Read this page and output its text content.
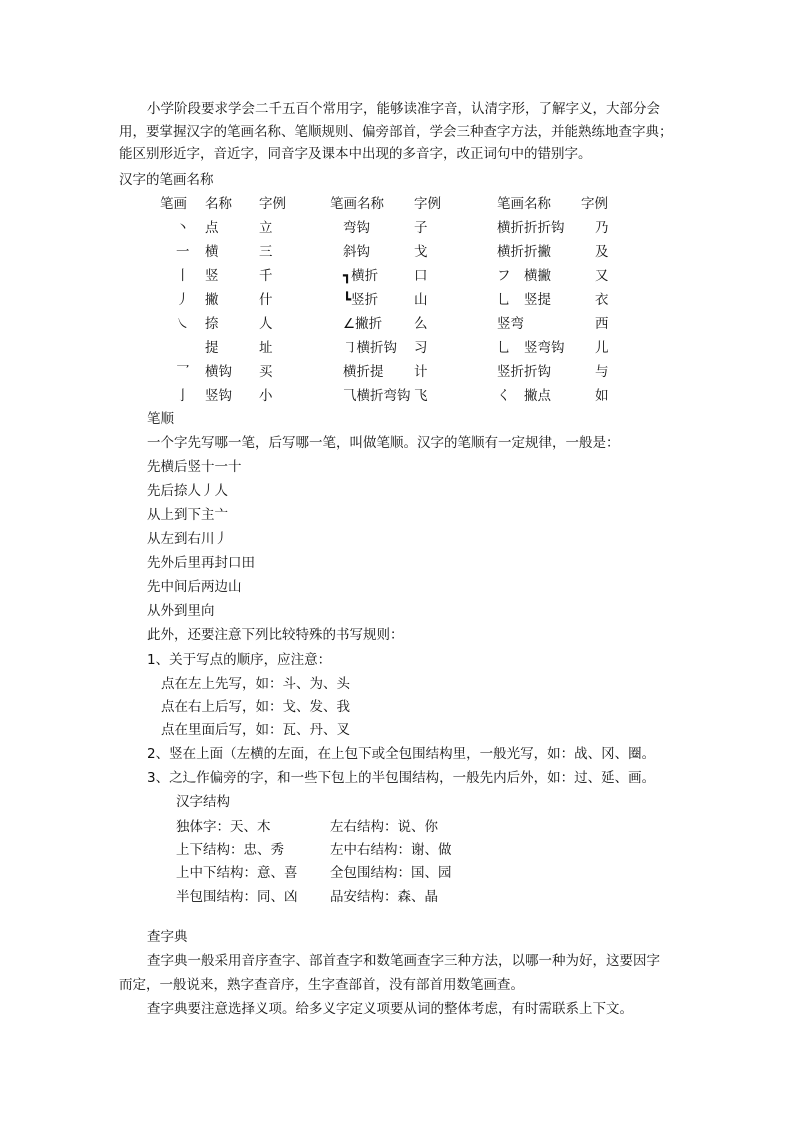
小学阶段要求学会二千五百个常用字，能够读准字音，认清字形，了解字义，大部分会
用，要掌握汉字的笔画名称、笔顺规则、偏旁部首，学会三种查字方法，并能熟练地查字典；
能区别形近字，音近字，同音字及课本中出现的多音字，改正词句中的错别字。
汉字的笔画名称
笔画 名称 字例	笔画名称 字例	笔画名称 字例
丶 点	立	弯钩	子	横折折折钩 乃
一 横	三	斜钩	戈	横折折撇	及
丨 竖	千	┓横折	口	フ　横撇	又
丿 撇	什	┗竖折	山	乚　竖提	衣
㇏ 捺	人	∠撇折 么	竖弯	西
提	址	㇆横折钩 习	乚　竖弯钩 儿
乛 横钩 买	横折提 计	竖折折钩	与
亅 竖钩 小	⺄横折弯钩 飞	く　撇点	如
笔顺
一个字先写哪一笔，后写哪一笔，叫做笔顺。汉字的笔顺有一定规律，一般是：
先横后竖十一十
先后捺人丿人
从上到下主亠
从左到右川丿
先外后里再封口田
先中间后两边山
从外到里向
此外，还要注意下列比较特殊的书写规则：
1、关于写点的顺序，应注意：
点在左上先写，如：斗、为、头
点在右上后写，如：戈、发、我
点在里面后写，如：瓦、丹、叉
2、竖在上面（左横的左面，在上包下或全包围结构里，一般光写，如：战、冈、圈。
3、之辶作偏旁的字，和一些下包上的半包围结构，一般先内后外，如：过、延、画。
汉字结构
独体字：天、木	左右结构：说、你
上下结构：忠、秀	左中右结构：谢、做
上中下结构：意、喜 全包围结构：国、园
半包围结构：同、凶 品安结构：森、晶
查字典
查字典一般采用音序查字、部首查字和数笔画查字三种方法，以哪一种为好，这要因字
而定，一般说来，熟字查音序，生字查部首，没有部首用数笔画查。
查字典要注意选择义项。给多义字定义项要从词的整体考虑，有时需联系上下文。
